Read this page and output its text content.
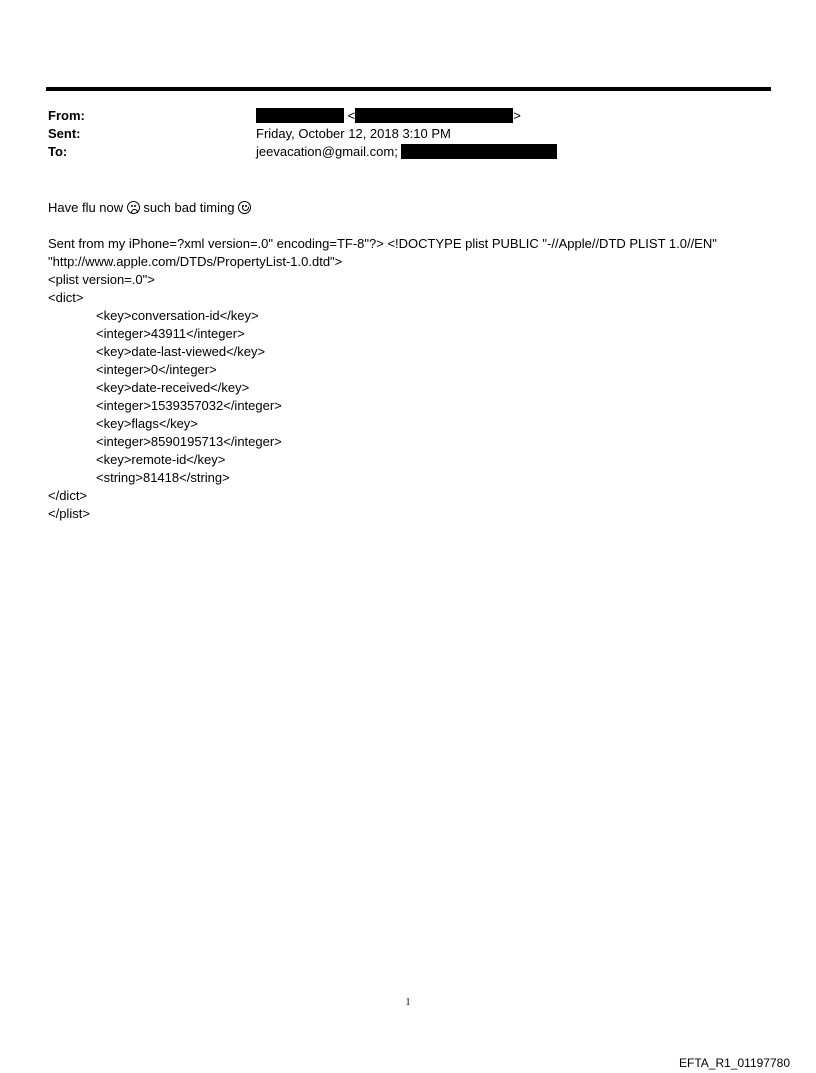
From:
Sent:
To:
<	>
Friday, October 12, 2018 3:10 PM
jeevacation@gmail.com;
Have flu now such bad timing
Sent from my iPhone=?xml version=.0" encoding=TF-8"?> <!DOCTYPE plist PUBLIC "-//Apple//DTD PLIST 1.0//EN"
"http://www.apple.com/DTDs/PropertyList-1.0.dtd">
<plist version=.0">
<dict>
<key>conversation-id</key>
<integer>43911</integer>
<key>date-last-viewed</key>
<integer>0</integer>
<key>date-received</key>
<integer>1539357032</integer>
<key>flags</key>
<integer>8590195713</integer>
<key>remote-id</key>
<string>81418</string>
</dict>
</plist>
1
EFTA_R1_01197780
